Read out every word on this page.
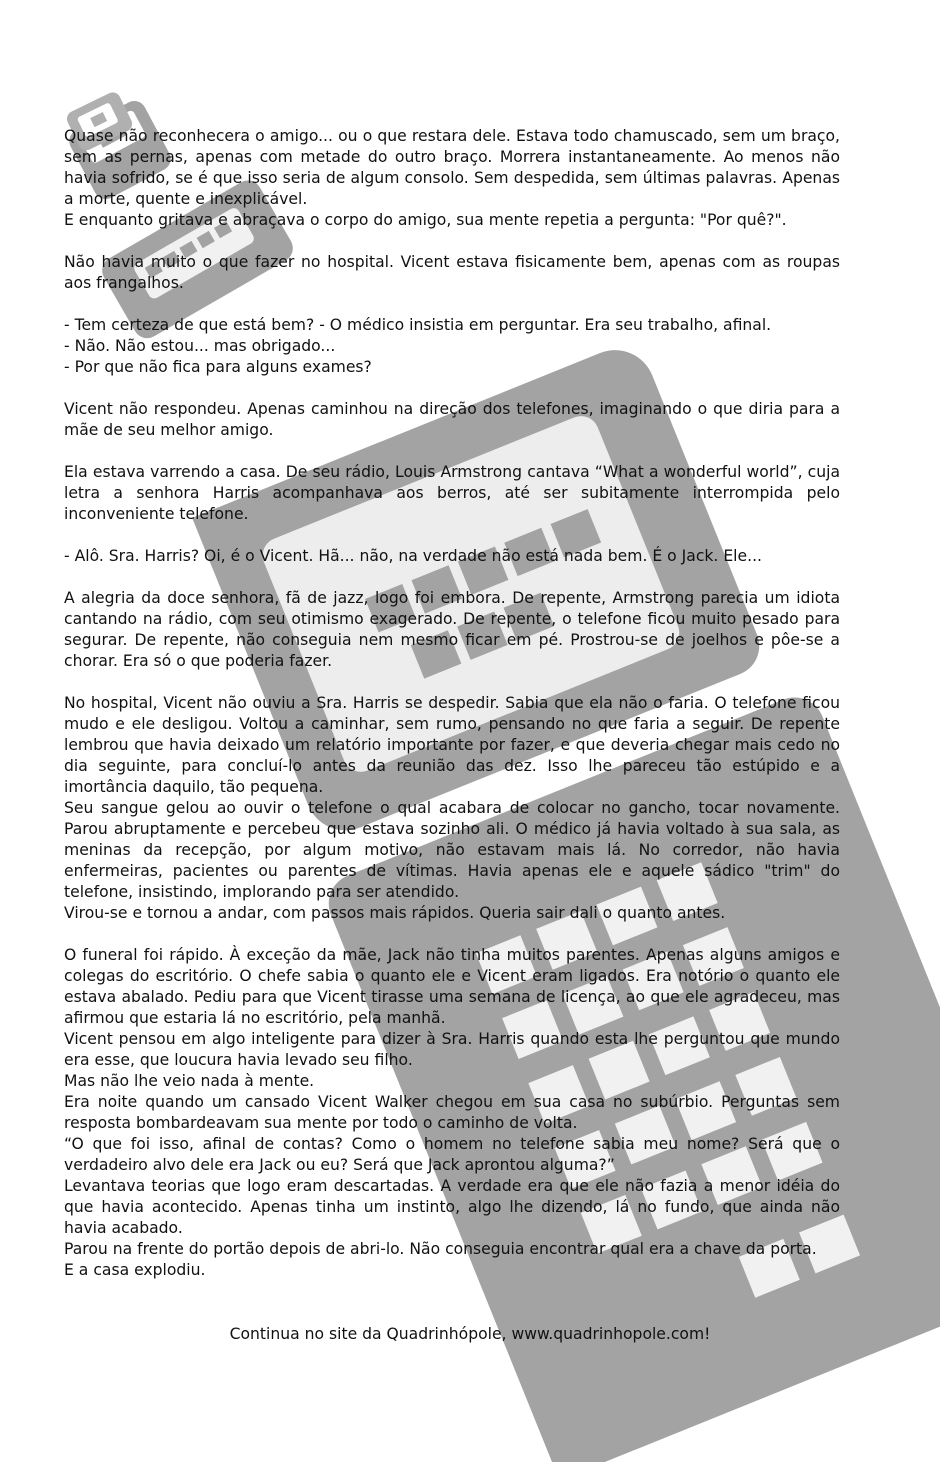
Quase não reconhecera o amigo... ou o que restara dele. Estava todo chamuscado, sem um braço, sem as pernas, apenas com metade do outro braço. Morrera instantaneamente. Ao menos não havia sofrido, se é que isso seria de algum consolo. Sem despedida, sem últimas palavras. Apenas a morte, quente e inexplicável.
E enquanto gritava e abraçava o corpo do amigo, sua mente repetia a pergunta: "Por quê?".

Não havia muito o que fazer no hospital. Vicent estava fisicamente bem, apenas com as roupas aos frangalhos.

- Tem certeza de que está bem? - O médico insistia em perguntar. Era seu trabalho, afinal.
- Não. Não estou... mas obrigado...
- Por que não fica para alguns exames?

Vicent não respondeu. Apenas caminhou na direção dos telefones, imaginando o que diria para a mãe de seu melhor amigo.

Ela estava varrendo a casa. De seu rádio, Louis Armstrong cantava “What a wonderful world”, cuja letra a senhora Harris acompanhava aos berros, até ser subitamente interrompida pelo inconveniente telefone.

- Alô. Sra. Harris? Oi, é o Vicent. Hã... não, na verdade não está nada bem. É o Jack. Ele...

A alegria da doce senhora, fã de jazz, logo foi embora. De repente, Armstrong parecia um idiota cantando na rádio, com seu otimismo exagerado. De repente, o telefone ficou muito pesado para segurar. De repente, não conseguia nem mesmo ficar em pé. Prostrou-se de joelhos e pôe-se a chorar. Era só o que poderia fazer.

No hospital, Vicent não ouviu a Sra. Harris se despedir. Sabia que ela não o faria. O telefone ficou mudo e ele desligou. Voltou a caminhar, sem rumo, pensando no que faria a seguir. De repente lembrou que havia deixado um relatório importante por fazer, e que deveria chegar mais cedo no dia seguinte, para concluí-lo antes da reunião das dez. Isso lhe pareceu tão estúpido e a imortância daquilo, tão pequena.
Seu sangue gelou ao ouvir o telefone o qual acabara de colocar no gancho, tocar novamente. Parou abruptamente e percebeu que estava sozinho ali. O médico já havia voltado à sua sala, as meninas da recepção, por algum motivo, não estavam mais lá. No corredor, não havia enfermeiras, pacientes ou parentes de vítimas. Havia apenas ele e aquele sádico "trim" do telefone, insistindo, implorando para ser atendido.
Virou-se e tornou a andar, com passos mais rápidos. Queria sair dali o quanto antes.

O funeral foi rápido. À exceção da mãe, Jack não tinha muitos parentes. Apenas alguns amigos e colegas do escritório. O chefe sabia o quanto ele e Vicent eram ligados. Era notório o quanto ele estava abalado. Pediu para que Vicent tirasse uma semana de licença, ao que ele agradeceu, mas afirmou que estaria lá no escritório, pela manhã.
Vicent pensou em algo inteligente para dizer à Sra. Harris quando esta lhe perguntou que mundo era esse, que loucura havia levado seu filho.
Mas não lhe veio nada à mente.
Era noite quando um cansado Vicent Walker chegou em sua casa no subúrbio. Perguntas sem resposta bombardeavam sua mente por todo o caminho de volta.
“O que foi isso, afinal de contas? Como o homem no telefone sabia meu nome? Será que o verdadeiro alvo dele era Jack ou eu? Será que Jack aprontou alguma?”
Levantava teorias que logo eram descartadas. A verdade era que ele não fazia a menor idéia do que havia acontecido. Apenas tinha um instinto, algo lhe dizendo, lá no fundo, que ainda não havia acabado.
Parou na frente do portão depois de abri-lo. Não conseguia encontrar qual era a chave da porta.
E a casa explodiu.

Continua no site da Quadrinhópole, www.quadrinhopole.com!
